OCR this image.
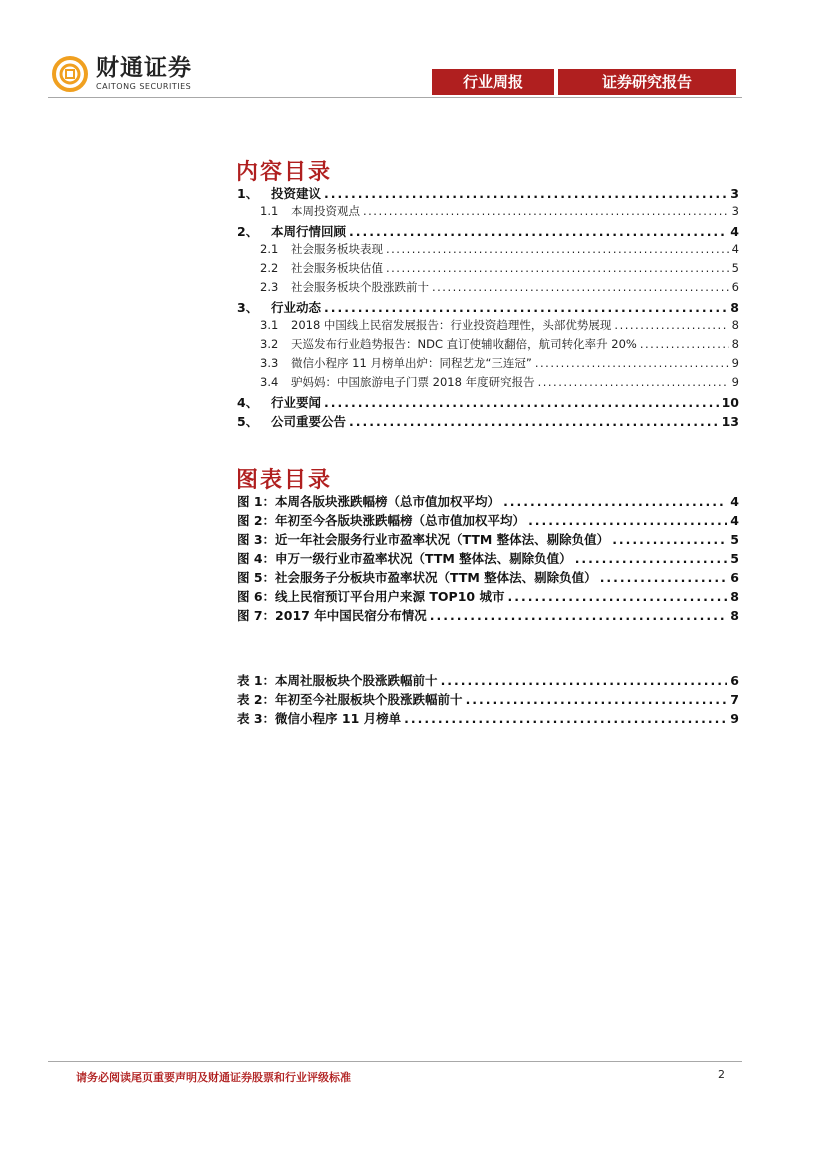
财通证券
CAITONG SECURITIES	行业周报	证券研究报告
内容目录
1、	投资建议 .....	3
1.1	本周投资观点 .....	3
2、	本周行情回顾 .....	4
2.1	社会服务板块表现 .....	4
2.2	社会服务板块估值 .....	5
2.3	社会服务板块个股涨跌前十 .....	6
3、	行业动态 .....	8
3.1	2018 中国线上民宿发展报告：行业投资趋理性，头部优势展现 .....	8
3.2	天巡发布行业趋势报告：NDC 直订使辅收翻倍，航司转化率升 20% .....	8
3.3	微信小程序 11 月榜单出炉：同程艺龙“三连冠” .....	9
3.4	驴妈妈：中国旅游电子门票 2018 年度研究报告 .....	9
4、	行业要闻 .....	10
5、	公司重要公告 .....	13
图表目录
图 1：本周各版块涨跌幅榜（总市值加权平均） .....	4
图 2：年初至今各版块涨跌幅榜（总市值加权平均） .....	4
图 3：近一年社会服务行业市盈率状况（TTM 整体法、剔除负值） .....	5
图 4：申万一级行业市盈率状况（TTM 整体法、剔除负值） .....	5
图 5：社会服务子分板块市盈率状况（TTM 整体法、剔除负值） .....	6
图 6：线上民宿预订平台用户来源 TOP10 城市 .....	8
图 7：2017 年中国民宿分布情况 .....	8
表 1：本周社服板块个股涨跌幅前十 .....	6
表 2：年初至今社服板块个股涨跌幅前十 .....	7
表 3：微信小程序 11 月榜单 .....	9
请务必阅读尾页重要声明及财通证券股票和行业评级标准	2
